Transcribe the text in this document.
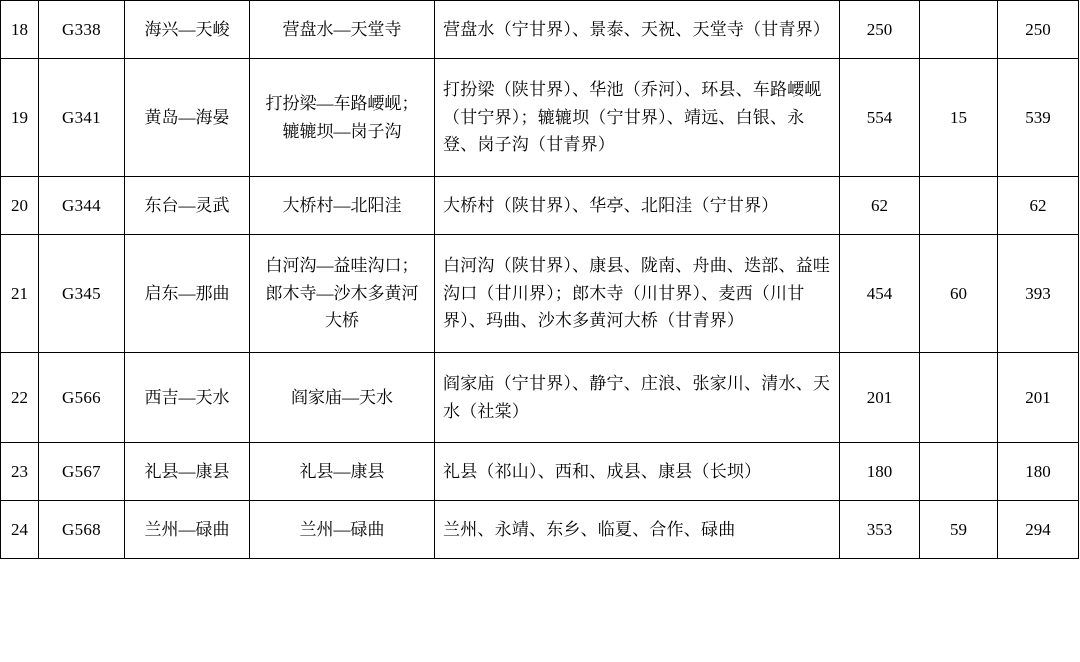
18	G338	海兴—天峻	营盘水—天堂寺	营盘水（宁甘界）、景泰、天祝、天堂寺（甘青界）	250		250
19	G341	黄岛—海晏	打扮梁—车路崾岘；
辘辘坝—岗子沟	打扮梁（陕甘界）、华池（乔河）、环县、车路崾岘（甘宁界）；辘辘坝（宁甘界）、靖远、白银、永登、岗子沟（甘青界）	554	15	539
20	G344	东台—灵武	大桥村—北阳洼	大桥村（陕甘界）、华亭、北阳洼（宁甘界）	62		62
21	G345	启东—那曲	白河沟—益哇沟口；
郎木寺—沙木多黄河大桥	白河沟（陕甘界）、康县、陇南、舟曲、迭部、益哇沟口（甘川界）；郎木寺（川甘界）、麦西（川甘界）、玛曲、沙木多黄河大桥（甘青界）	454	60	393
22	G566	西吉—天水	阎家庙—天水	阎家庙（宁甘界）、静宁、庄浪、张家川、清水、天水（社棠）	201		201
23	G567	礼县—康县	礼县—康县	礼县（祁山）、西和、成县、康县（长坝）	180		180
24	G568	兰州—碌曲	兰州—碌曲	兰州、永靖、东乡、临夏、合作、碌曲	353	59	294
